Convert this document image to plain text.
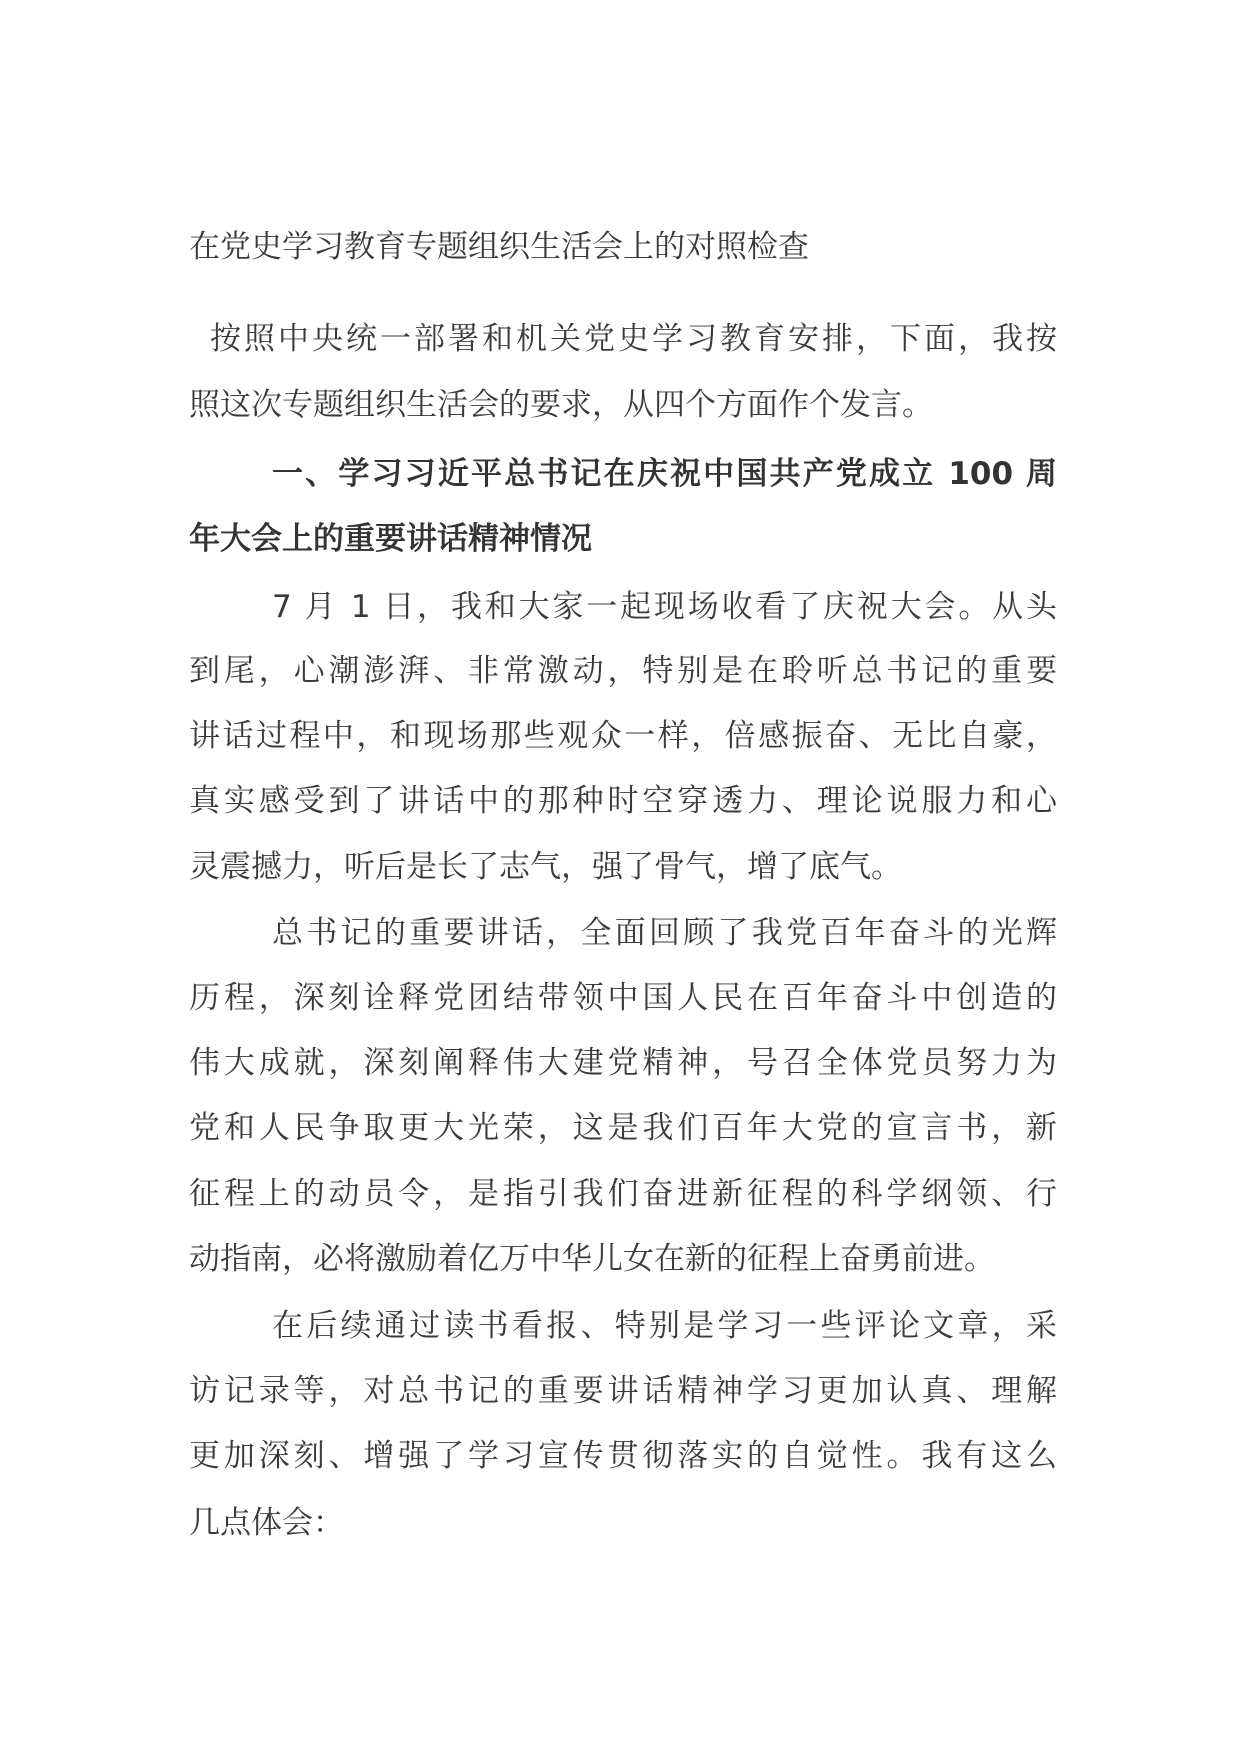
在党史学习教育专题组织生活会上的对照检查
按照中央统一部署和机关党史学习教育安排，下面，我按
照这次专题组织生活会的要求，从四个方面作个发言。
一、学习习近平总书记在庆祝中国共产党成立 100 周
年大会上的重要讲话精神情况
7 月 1 日，我和大家一起现场收看了庆祝大会。从头
到尾，心潮澎湃、非常激动，特别是在聆听总书记的重要
讲话过程中，和现场那些观众一样，倍感振奋、无比自豪，
真实感受到了讲话中的那种时空穿透力、理论说服力和心
灵震撼力，听后是长了志气，强了骨气，增了底气。
总书记的重要讲话，全面回顾了我党百年奋斗的光辉
历程，深刻诠释党团结带领中国人民在百年奋斗中创造的
伟大成就，深刻阐释伟大建党精神，号召全体党员努力为
党和人民争取更大光荣，这是我们百年大党的宣言书，新
征程上的动员令，是指引我们奋进新征程的科学纲领、行
动指南，必将激励着亿万中华儿女在新的征程上奋勇前进。
在后续通过读书看报、特别是学习一些评论文章，采
访记录等，对总书记的重要讲话精神学习更加认真、理解
更加深刻、增强了学习宣传贯彻落实的自觉性。我有这么
几点体会：
